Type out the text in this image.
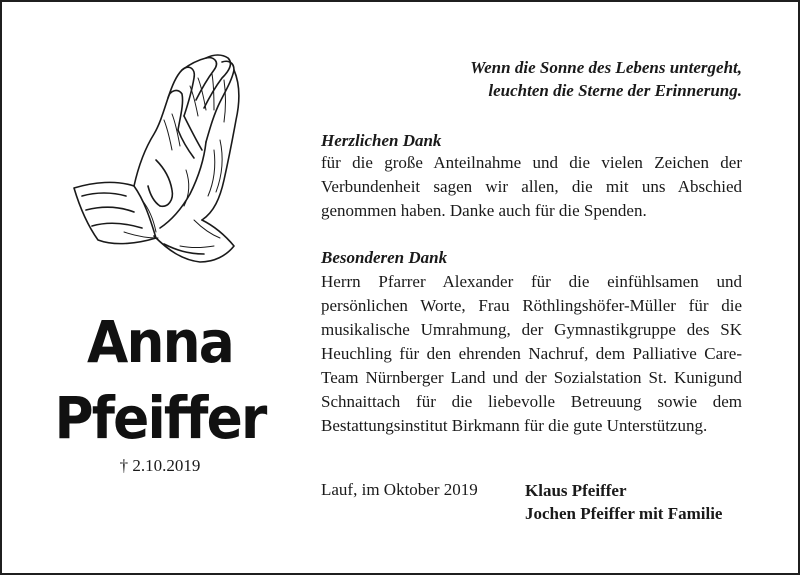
Anna
Pfeiffer
† 2.10.2019
Wenn die Sonne des Lebens untergeht,
leuchten die Sterne der Erinnerung.
Herzlichen Dank
für die große Anteilnahme und die vielen Zeichen der Verbundenheit sagen wir allen, die mit uns Abschied genommen haben. Danke auch für die Spenden.
Besonderen Dank
Herrn Pfarrer Alexander für die einfühlsamen und persönlichen Worte, Frau Röthlingshöfer-Müller für die musikalische Umrahmung, der Gymnastikgruppe des SK Heuchling für den ehrenden Nachruf, dem Palliative Care-Team Nürnberger Land und der Sozialstation St. Kunigund Schnaittach für die liebevolle Betreuung sowie dem Bestattungsinstitut Birkmann für die gute Unterstützung.
Lauf, im Oktober 2019	Klaus Pfeiffer
Jochen Pfeiffer mit Familie
